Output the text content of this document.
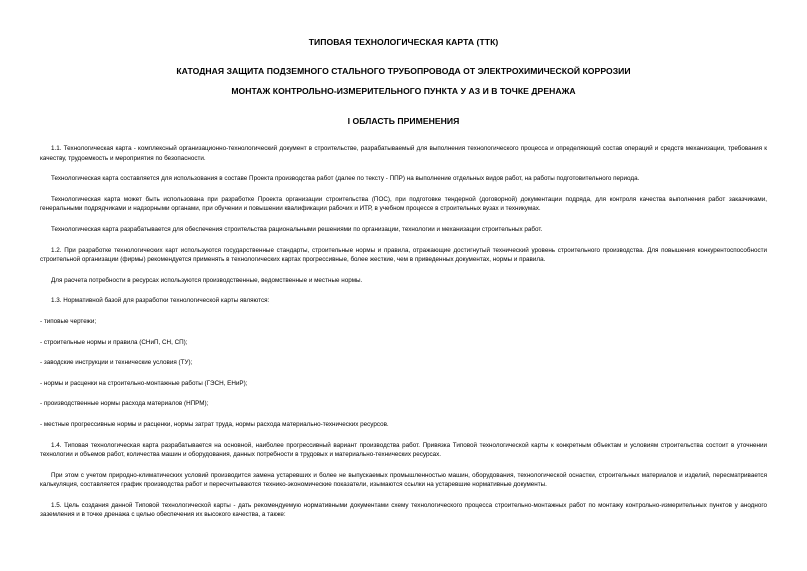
ТИПОВАЯ ТЕХНОЛОГИЧЕСКАЯ КАРТА (ТТК)
КАТОДНАЯ ЗАЩИТА ПОДЗЕМНОГО СТАЛЬНОГО ТРУБОПРОВОДА ОТ ЭЛЕКТРОХИМИЧЕСКОЙ КОРРОЗИИ
МОНТАЖ КОНТРОЛЬНО-ИЗМЕРИТЕЛЬНОГО ПУНКТА У АЗ И В ТОЧКЕ ДРЕНАЖА
I ОБЛАСТЬ ПРИМЕНЕНИЯ

1.1. Технологическая карта - комплексный организационно-технологический документ в строительстве, разрабатываемый для выполнения технологического процесса и определяющий состав операций и средств механизации, требования к качеству, трудоемкость и мероприятия по безопасности.

Технологическая карта составляется для использования в составе Проекта производства работ (далее по тексту - ППР) на выполнение отдельных видов работ, на работы подготовительного периода.

Технологическая карта может быть использована при разработке Проекта организации строительства (ПОС), при подготовке тендерной (договорной) документации подряда, для контроля качества выполнения работ заказчиками, генеральными подрядчиками и надзорными органами, при обучении и повышении квалификации рабочих и ИТР, в учебном процессе в строительных вузах и техникумах.

Технологическая карта разрабатывается для обеспечения строительства рациональными решениями по организации, технологии и механизации строительных работ.

1.2. При разработке технологических карт используются государственные стандарты, строительные нормы и правила, отражающие достигнутый технический уровень строительного производства. Для повышения конкурентоспособности строительной организации (фирмы) рекомендуется применять в технологических картах прогрессивные, более жесткие, чем в приведенных документах, нормы и правила.

Для расчета потребности в ресурсах используются производственные, ведомственные и местные нормы.

1.3. Нормативной базой для разработки технологической карты являются:

- типовые чертежи;

- строительные нормы и правила (СНиП, СН, СП);

- заводские инструкции и технические условия (ТУ);

- нормы и расценки на строительно-монтажные работы (ГЭСН, ЕНиР);

- производственные нормы расхода материалов (НПРМ);

- местные прогрессивные нормы и расценки, нормы затрат труда, нормы расхода материально-технических ресурсов.

1.4. Типовая технологическая карта разрабатывается на основной, наиболее прогрессивный вариант производства работ. Привязка Типовой технологической карты к конкретным объектам и условиям строительства состоит в уточнении технологии и объемов работ, количества машин и оборудования, данных потребности в трудовых и материально-технических ресурсах.

При этом с учетом природно-климатических условий производится замена устаревших и более не выпускаемых промышленностью машин, оборудования, технологической оснастки, строительных материалов и изделий, пересматривается калькуляция, составляется график производства работ и пересчитываются технико-экономические показатели, изымаются ссылки на устаревшие нормативные документы.

1.5. Цель создания данной Типовой технологической карты - дать рекомендуемую нормативными документами схему технологического процесса строительно-монтажных работ по монтажу контрольно-измерительных пунктов у анодного заземления и в точке дренажа с целью обеспечения их высокого качества, а также:
